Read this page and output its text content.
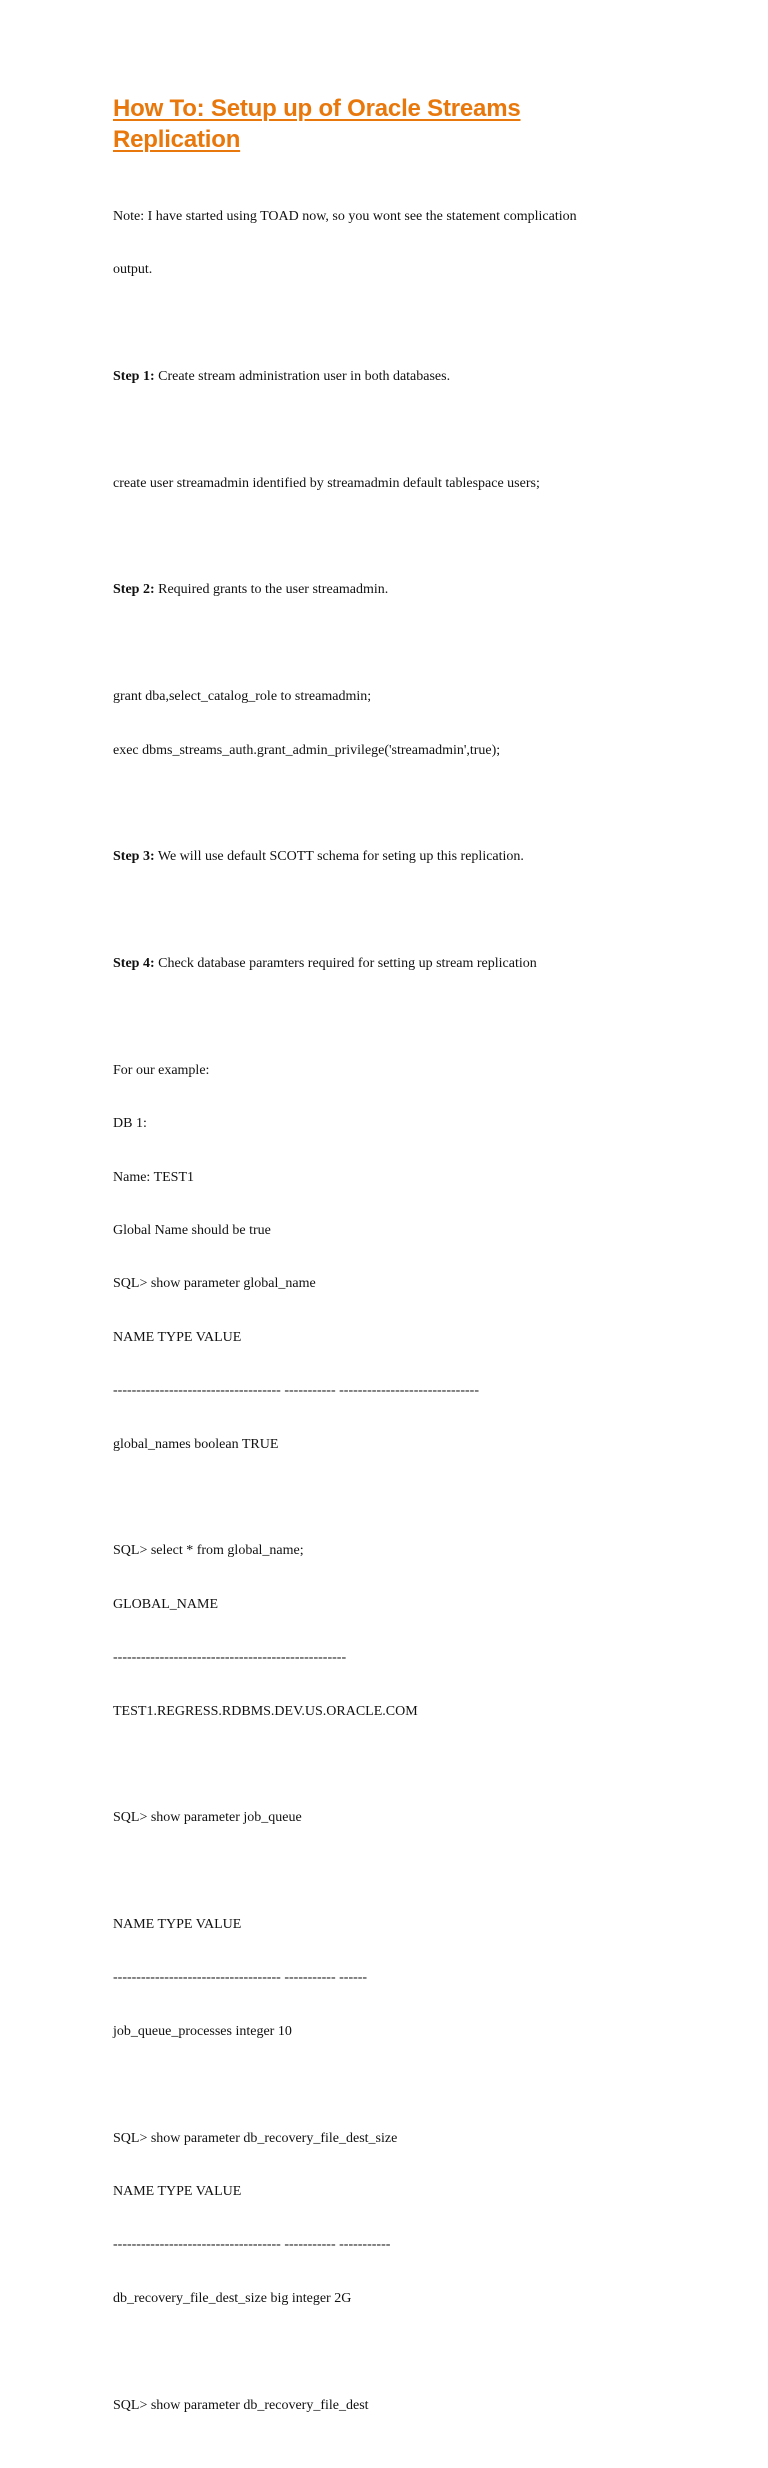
How To: Setup up of Oracle Streams
Replication

Note: I have started using TOAD now, so you wont see the statement complication

output.

Step 1: Create stream administration user in both databases.

create user streamadmin identified by streamadmin default tablespace users;

Step 2: Required grants to the user streamadmin.

grant dba,select_catalog_role to streamadmin;

exec dbms_streams_auth.grant_admin_privilege('streamadmin',true);

Step 3: We will use default SCOTT schema for seting up this replication.

Step 4: Check database paramters required for setting up stream replication

For our example:

DB 1:

Name: TEST1

Global Name should be true

SQL> show parameter global_name

NAME TYPE VALUE

------------------------------------ ----------- ------------------------------

global_names boolean TRUE

SQL> select * from global_name;

GLOBAL_NAME

--------------------------------------------------

TEST1.REGRESS.RDBMS.DEV.US.ORACLE.COM

SQL> show parameter job_queue

NAME TYPE VALUE

------------------------------------ ----------- ------

job_queue_processes integer 10

SQL> show parameter db_recovery_file_dest_size

NAME TYPE VALUE

------------------------------------ ----------- -----------

db_recovery_file_dest_size big integer 2G

SQL> show parameter db_recovery_file_dest
